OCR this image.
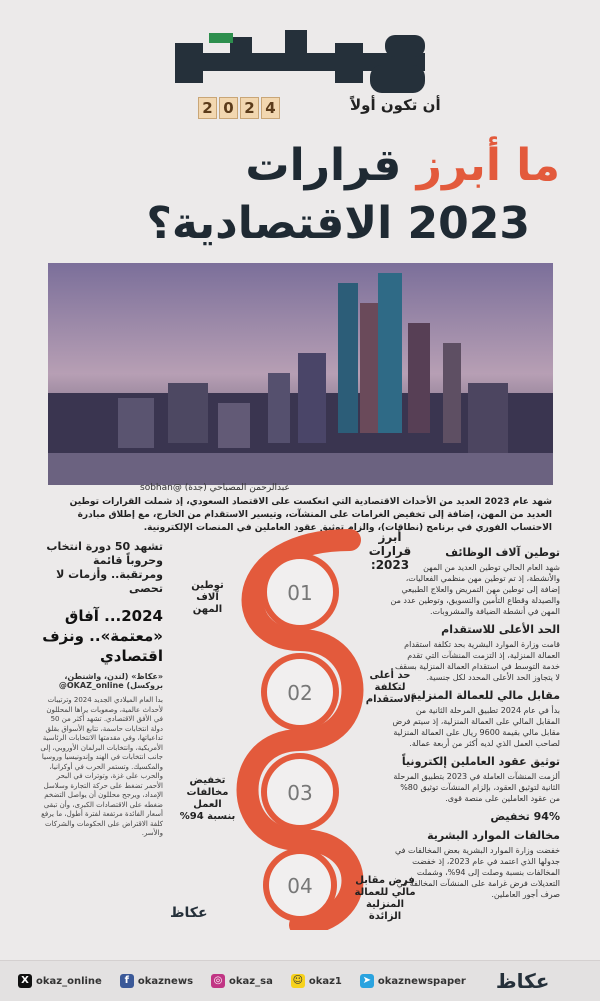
2 0 2 4	أن تكون أولاً
ما أبرز قرارات
2023 الاقتصادية؟
عبدالرحمن المصباحي (جدة) @sobhan
شهد عام 2023 العديد من الأحداث الاقتصادية التي انعكست على الاقتصاد السعودي، إذ شملت القرارات توطين العديد من المهن، إضافة إلى تخفيض الغرامات على المنشآت، وتيسير الاستقدام من الخارج، مع إطلاق مبادرة الاحتساب الفوري في برنامج (نطاقات)، والزام توثيق عقود العاملين في المنصات الإلكترونية.
توطين آلاف الوظائف
شهد العام الحالي توطين العديد من المهن والأنشطة، إذ تم توطين مهن منظمي الفعاليات، إضافة إلى توطين مهن التمريض والعلاج الطبيعي والصيدلة وقطاع التأمين والتسويق، وتوطين عدد من المهن في أنشطة الضيافة والمشروبات.
الحد الأعلى للاستقدام
قامت وزارة الموارد البشرية بحد تكلفة استقدام العمالة المنزلية، إذ التزمت المنشآت التي تقدم خدمة التوسط في استقدام العمالة المنزلية بسقف لا يتجاوز الحد الأعلى المحدد لكل جنسية.
مقابل مالي للعمالة المنزلية
بدأ في عام 2024 تطبيق المرحلة الثانية من المقابل المالي على العمالة المنزلية، إذ سيتم فرض مقابل مالي بقيمة 9600 ريال على العمالة المنزلية لصاحب العمل الذي لديه أكثر من أربعة عمالة.
توثيق عقود العاملين إلكترونياً
ألزمت المنشآت العاملة في 2023 بتطبيق المرحلة الثانية لتوثيق العقود، بإلزام المنشآت توثيق 80% من عقود العاملين على منصة قوى.
94% تخفيض
مخالفات الموارد البشرية
خفضت وزارة الموارد البشرية بعض المخالفات في جدولها الذي اعتمد في عام 2023، إذ خفضت المخالفات بنسبة وصلت إلى 94%، وشملت التعديلات فرض غرامة على المنشآت المخالفة في صرف أجور العاملين.
01
02
03
04
أبرز قرارات
2023:
توطين آلاف
المهن
حد أعلى
لتكلفة الاستقدام
تخفيض مخالفات العمل
بنسبة 94%
فرض مقابل مالي للعمالة
المنزلية الزائدة
عكاظ
تشهد 50 دورة انتخاب وحروباً قائمة ومرتقبة.. وأزمات لا تحصى
2024... آفاق «معتمة».. ونزف اقتصادي
«عكاظ» (لندن، واشنطن، بروكسل) OKAZ_online@
بدأ العام الميلادي الجديد 2024 وترتيبات لأحداث عالمية، وصعوبات يراها المحللون في الأفق الاقتصادي. تشهد أكثر من 50 دولة انتخابات حاسمة، تتابع الأسواق بقلق تداعياتها، وفي مقدمتها الانتخابات الرئاسية الأمريكية، وانتخابات البرلمان الأوروبي، إلى جانب انتخابات في الهند وإندونيسيا وروسيا والمكسيك. وتستمر الحرب في أوكرانيا، والحرب على غزة، وتوترات في البحر الأحمر تضغط على حركة التجارة وسلاسل الإمداد، ويرجح محللون أن يواصل التضخم ضغطه على الاقتصادات الكبرى، وأن تبقى أسعار الفائدة مرتفعة لفترة أطول، ما يرفع كلفة الاقتراض على الحكومات والشركات والأسر.
X okaz_online	f okaznews ◎ okaz_sa ☺ okaz1 ➤ okaznewspaper عكاظ
